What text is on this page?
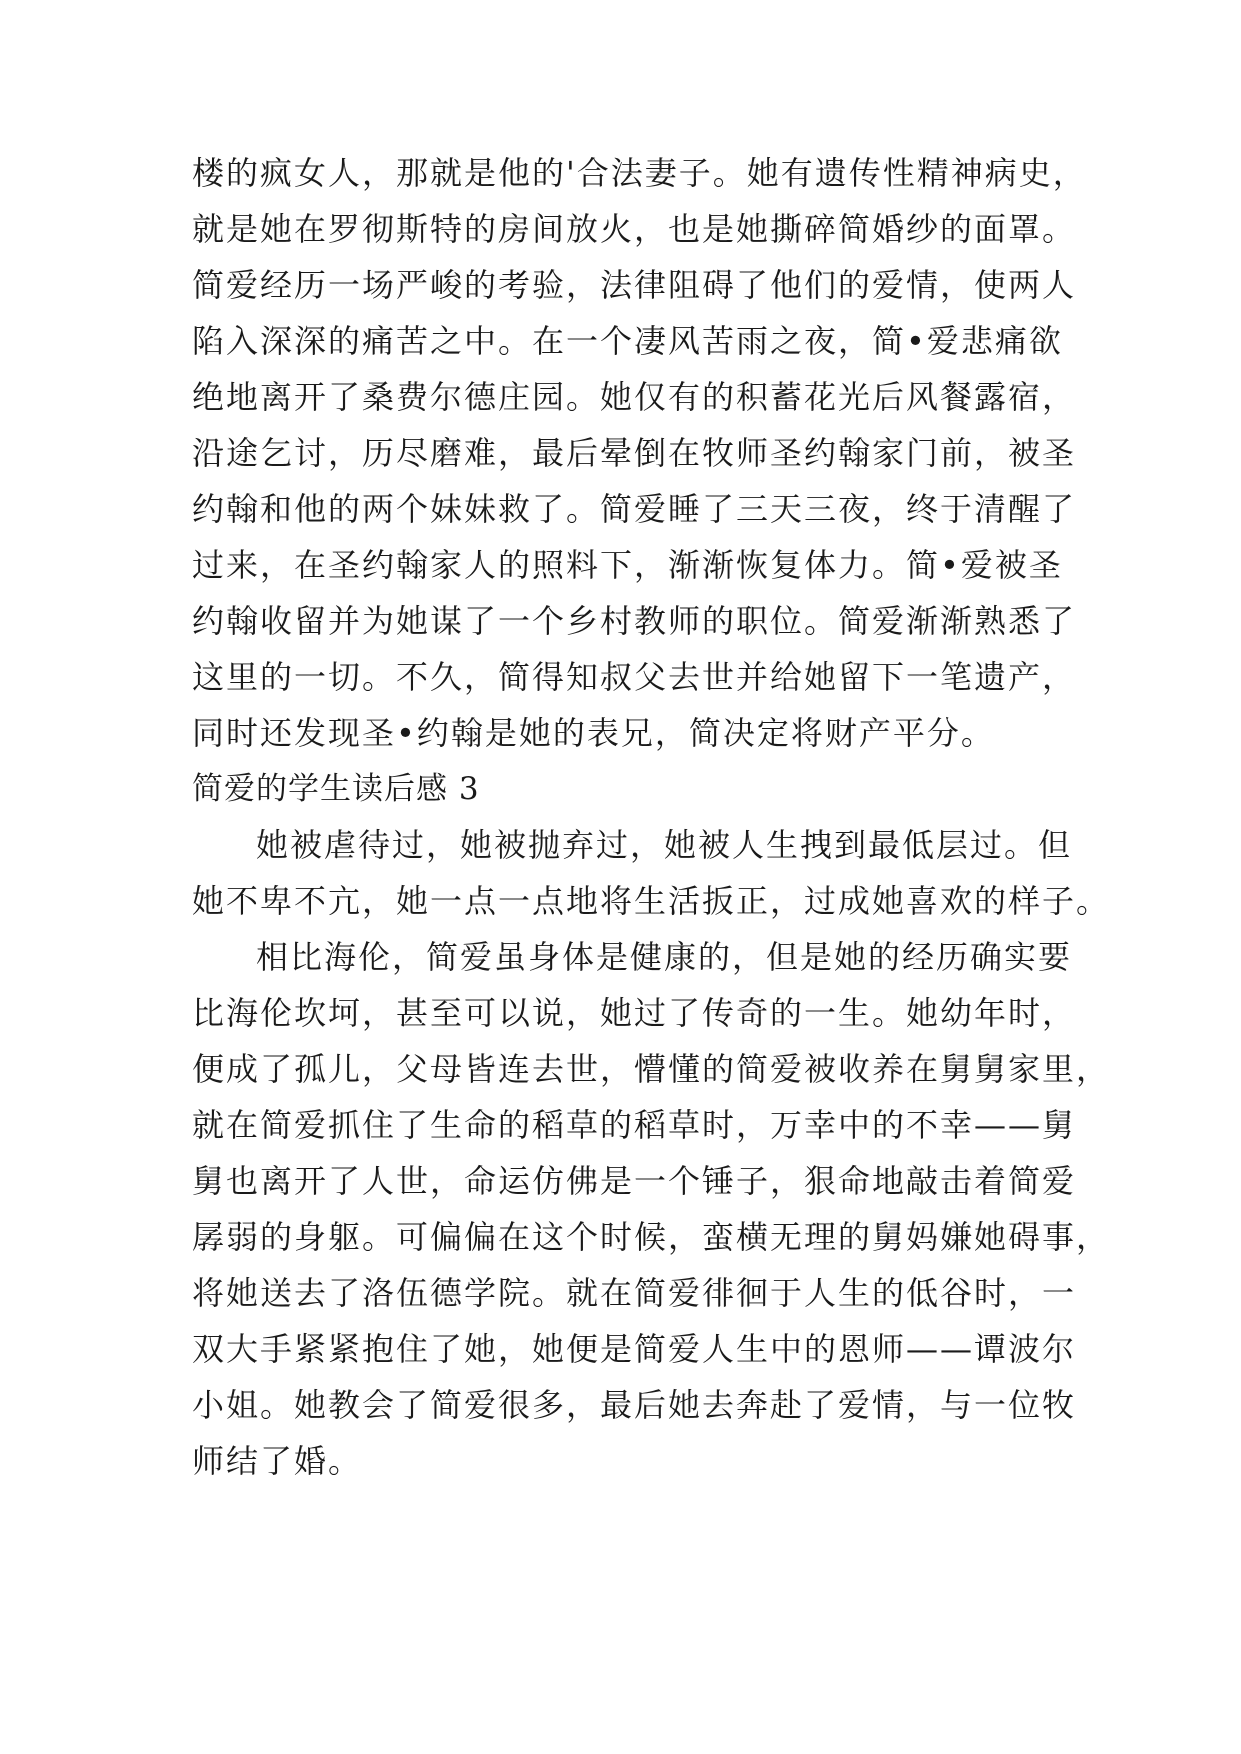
楼的疯女人，那就是他的'合法妻子。她有遗传性精神病史，
就是她在罗彻斯特的房间放火，也是她撕碎简婚纱的面罩。
简爱经历一场严峻的考验，法律阻碍了他们的爱情，使两人
陷入深深的痛苦之中。在一个凄风苦雨之夜，简•爱悲痛欲
绝地离开了桑费尔德庄园。她仅有的积蓄花光后风餐露宿，
沿途乞讨，历尽磨难，最后晕倒在牧师圣约翰家门前，被圣
约翰和他的两个妹妹救了。简爱睡了三天三夜，终于清醒了
过来，在圣约翰家人的照料下，渐渐恢复体力。简•爱被圣
约翰收留并为她谋了一个乡村教师的职位。简爱渐渐熟悉了
这里的一切。不久，简得知叔父去世并给她留下一笔遗产，
同时还发现圣•约翰是她的表兄，简决定将财产平分。
简爱的学生读后感 3
她被虐待过，她被抛弃过，她被人生拽到最低层过。但
她不卑不亢，她一点一点地将生活扳正，过成她喜欢的样子。
相比海伦，简爱虽身体是健康的，但是她的经历确实要
比海伦坎坷，甚至可以说，她过了传奇的一生。她幼年时，
便成了孤儿，父母皆连去世，懵懂的简爱被收养在舅舅家里，
就在简爱抓住了生命的稻草的稻草时，万幸中的不幸——舅
舅也离开了人世，命运仿佛是一个锤子，狠命地敲击着简爱
孱弱的身躯。可偏偏在这个时候，蛮横无理的舅妈嫌她碍事，
将她送去了洛伍德学院。就在简爱徘徊于人生的低谷时，一
双大手紧紧抱住了她，她便是简爱人生中的恩师——谭波尔
小姐。她教会了简爱很多，最后她去奔赴了爱情，与一位牧
师结了婚。
